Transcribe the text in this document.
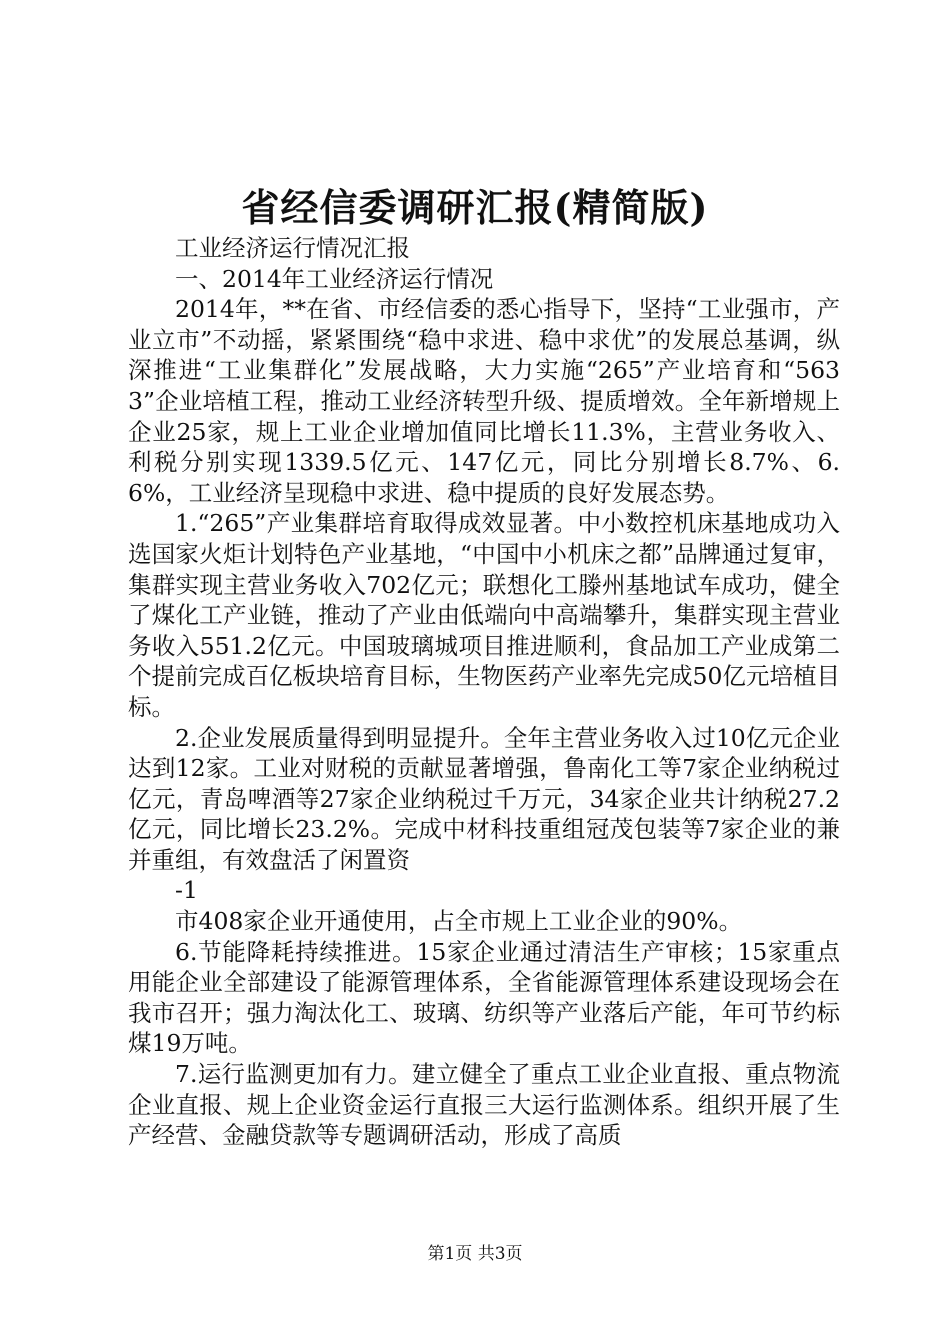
省经信委调研汇报(精简版)

工业经济运行情况汇报

一、2014年工业经济运行情况

2014年，**在省、市经信委的悉心指导下，坚持“工业强市，产业立市”不动摇，紧紧围绕“稳中求进、稳中求优”的发展总基调，纵深推进“工业集群化”发展战略，大力实施“265”产业培育和“5633”企业培植工程，推动工业经济转型升级、提质增效。全年新增规上企业25家，规上工业企业增加值同比增长11.3%，主营业务收入、利税分别实现1339.5亿元、147亿元，同比分别增长8.7%、6.6%，工业经济呈现稳中求进、稳中提质的良好发展态势。

1.“265”产业集群培育取得成效显著。中小数控机床基地成功入选国家火炬计划特色产业基地，“中国中小机床之都”品牌通过复审，集群实现主营业务收入702亿元；联想化工滕州基地试车成功，健全了煤化工产业链，推动了产业由低端向中高端攀升，集群实现主营业务收入551.2亿元。中国玻璃城项目推进顺利，食品加工产业成第二个提前完成百亿板块培育目标，生物医药产业率先完成50亿元培植目标。

2.企业发展质量得到明显提升。全年主营业务收入过10亿元企业达到12家。工业对财税的贡献显著增强，鲁南化工等7家企业纳税过亿元，青岛啤酒等27家企业纳税过千万元，34家企业共计纳税27.2亿元，同比增长23.2%。完成中材科技重组冠茂包装等7家企业的兼并重组，有效盘活了闲置资

-1

市408家企业开通使用，占全市规上工业企业的90%。

6.节能降耗持续推进。15家企业通过清洁生产审核；15家重点用能企业全部建设了能源管理体系，全省能源管理体系建设现场会在我市召开；强力淘汰化工、玻璃、纺织等产业落后产能，年可节约标煤19万吨。

7.运行监测更加有力。建立健全了重点工业企业直报、重点物流企业直报、规上企业资金运行直报三大运行监测体系。组织开展了生产经营、金融贷款等专题调研活动，形成了高质

第1页 共3页
